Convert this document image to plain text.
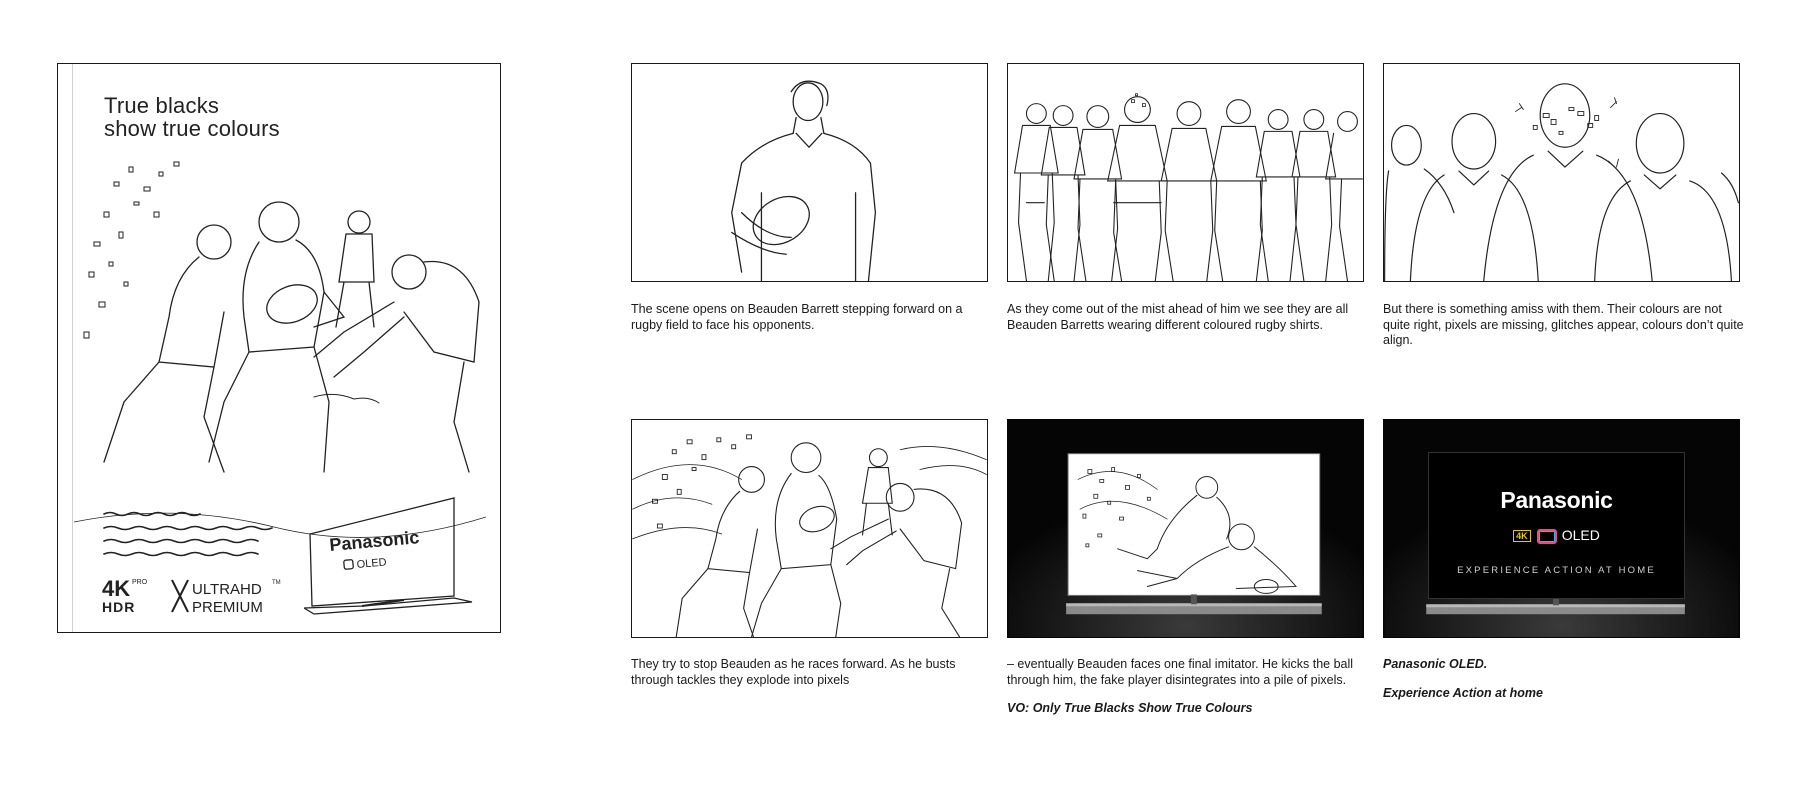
True blacks
show true colours
4K PRO
HDR
ULTRAHD TM
PREMIUM
Panasonic
OLED

The scene opens on Beauden Barrett stepping forward on a rugby field to face his opponents.

As they come out of the mist ahead of him we see they are all Beauden Barretts wearing different coloured rugby shirts.

But there is something amiss with them. Their colours are not quite right, pixels are missing, glitches appear, colours don’t quite align.

They try to stop Beauden as he races forward. As he busts through tackles they explode into pixels

– eventually Beauden faces one final imitator. He kicks the ball through him, the fake player disintegrates into a pile of pixels.

VO: Only True Blacks Show True Colours

Panasonic
4K OLED
EXPERIENCE ACTION AT HOME

Panasonic OLED.

Experience Action at home
